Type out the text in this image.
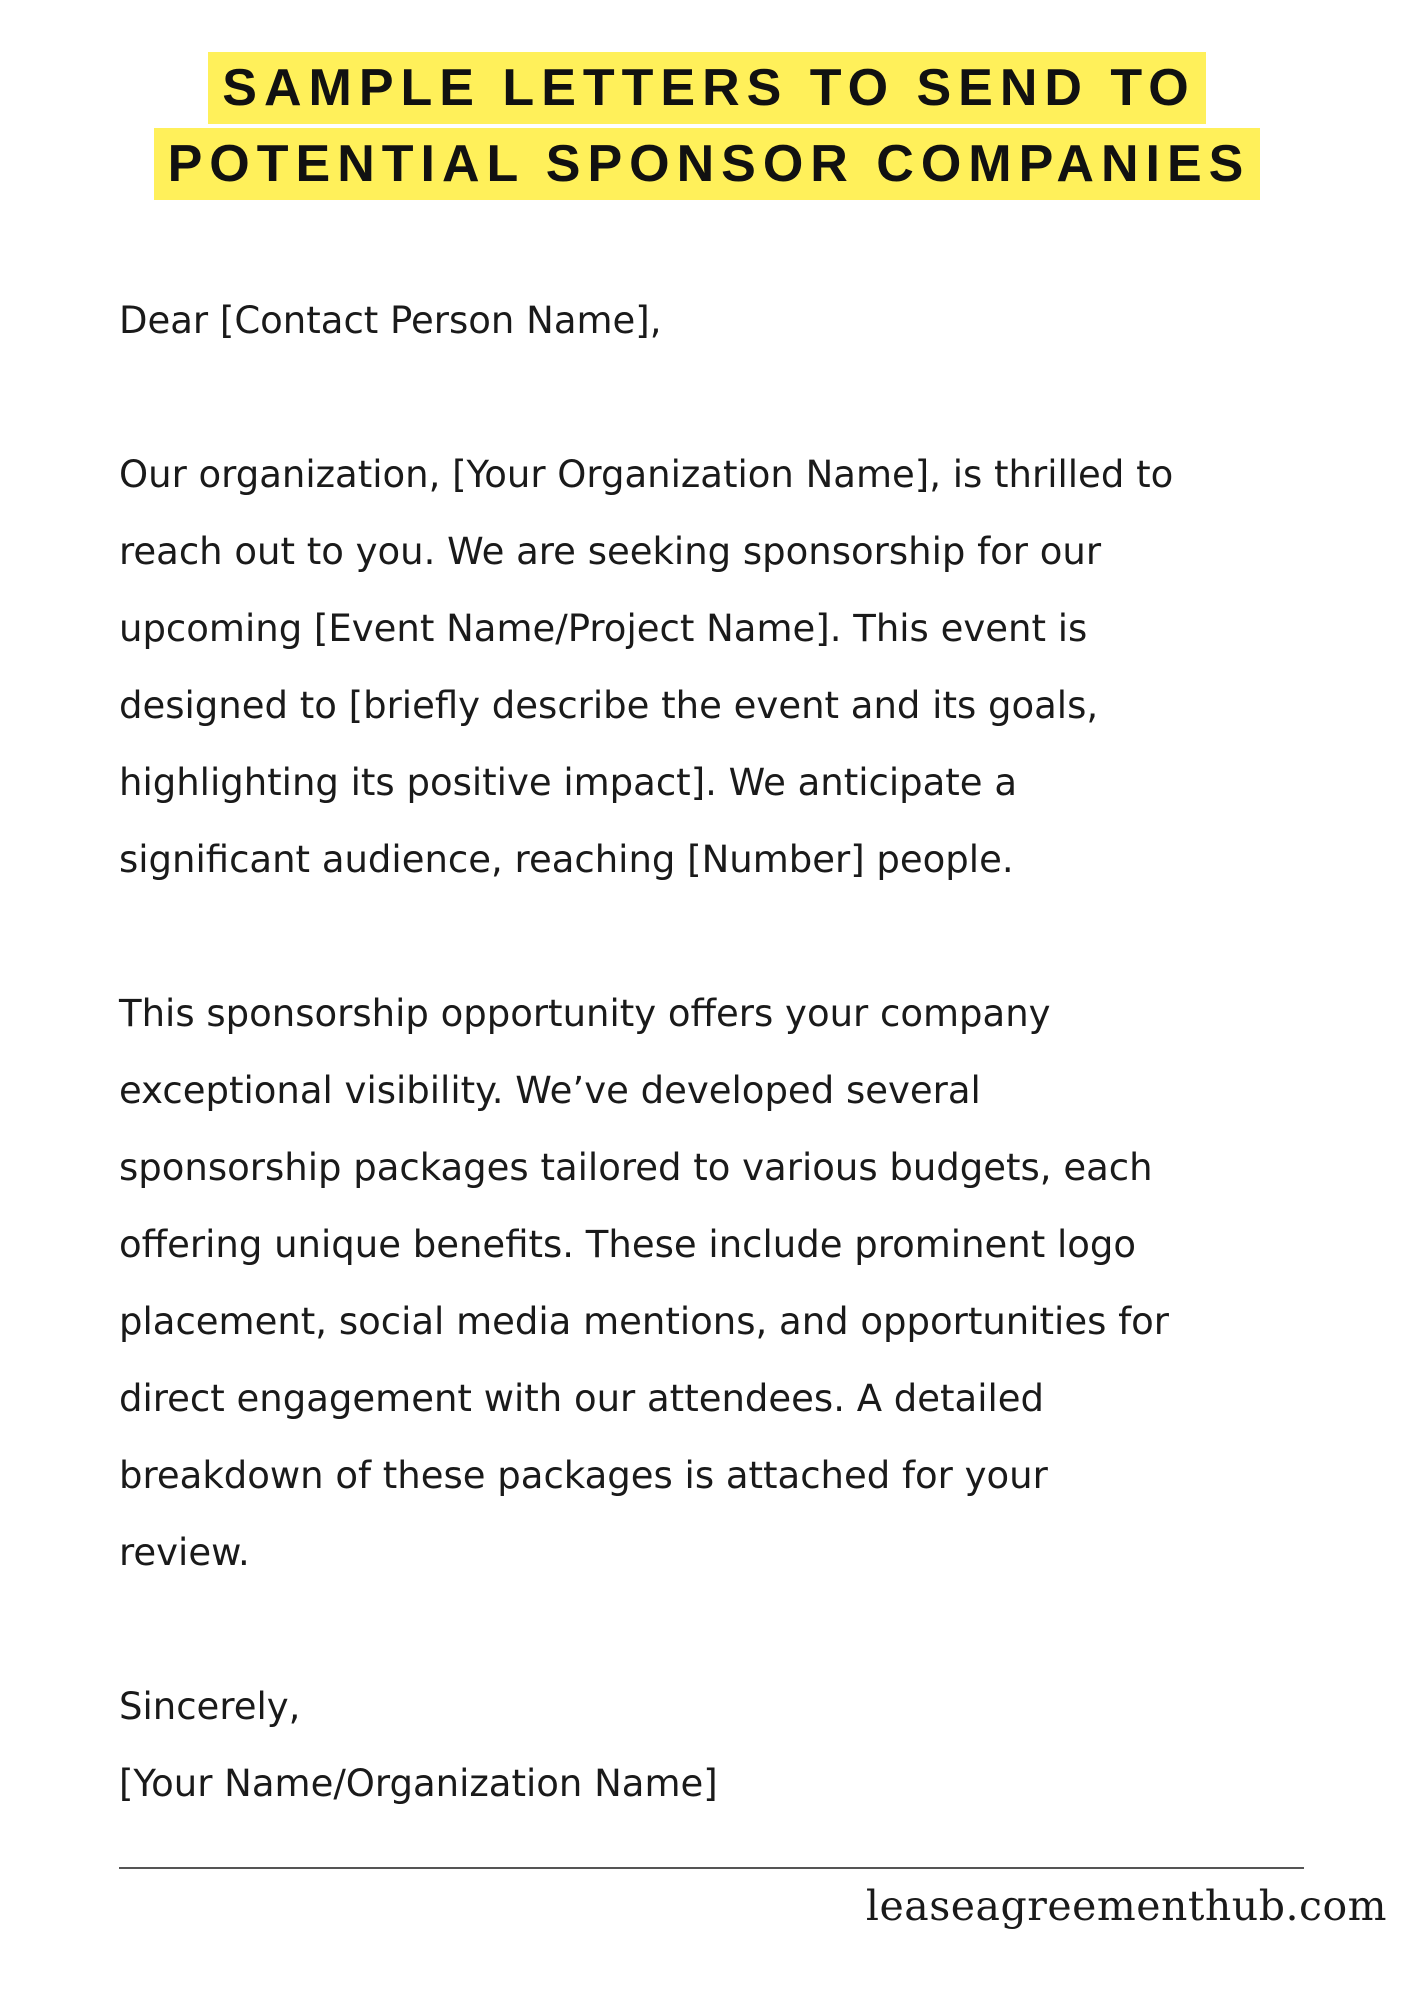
SAMPLE LETTERS TO SEND TO
POTENTIAL SPONSOR COMPANIES

Dear [Contact Person Name],

Our organization, [Your Organization Name], is thrilled to

reach out to you. We are seeking sponsorship for our

upcoming [Event Name/Project Name]. This event is

designed to [briefly describe the event and its goals,

highlighting its positive impact]. We anticipate a

significant audience, reaching [Number] people.

This sponsorship opportunity offers your company

exceptional visibility. We’ve developed several

sponsorship packages tailored to various budgets, each

offering unique benefits. These include prominent logo

placement, social media mentions, and opportunities for

direct engagement with our attendees. A detailed

breakdown of these packages is attached for your

review.

Sincerely,

[Your Name/Organization Name]

leaseagreementhub.com
